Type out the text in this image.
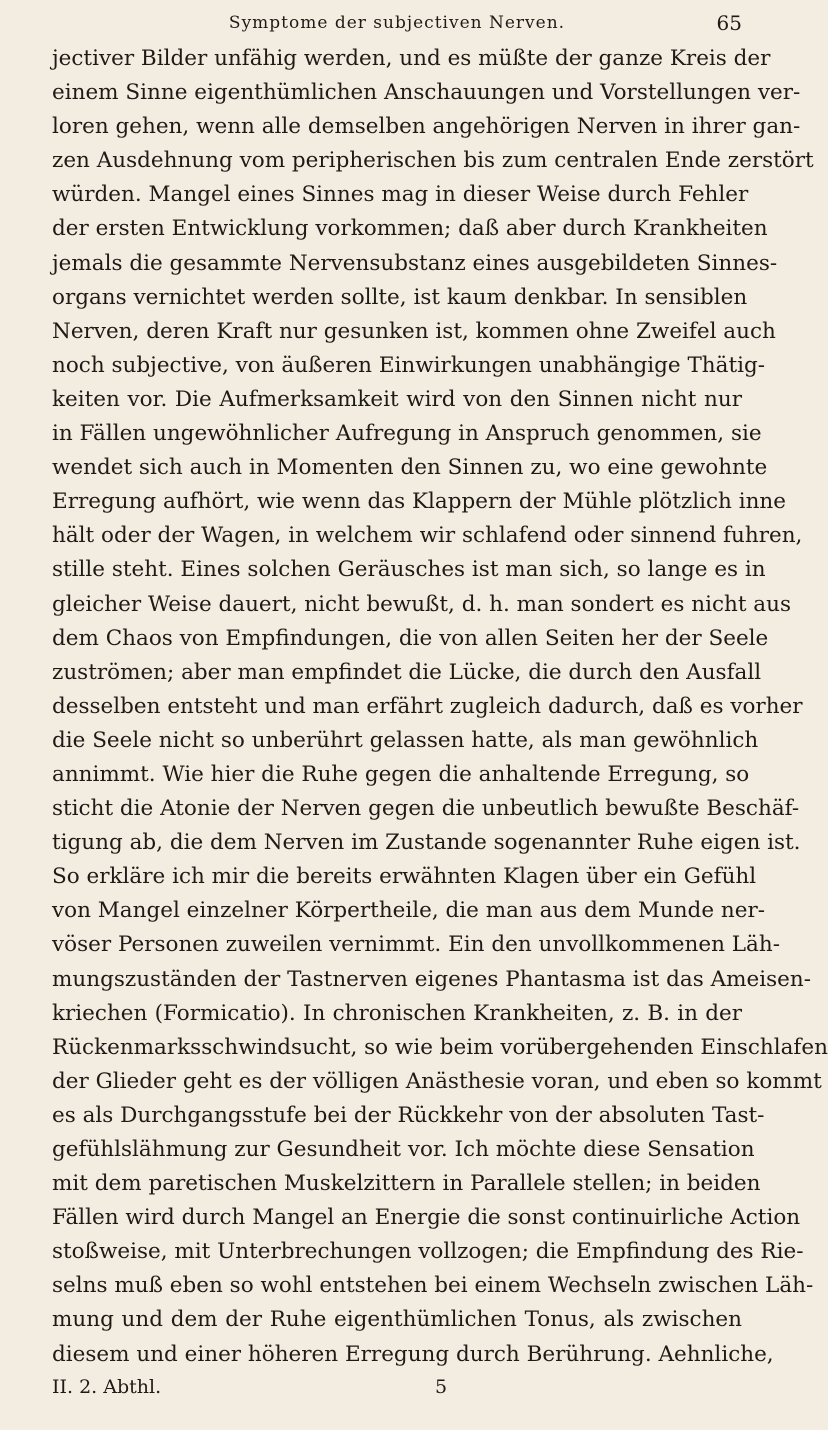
Symptome der subjectiven Nerven.	65
jectiver Bilder unfähig werden, und es müßte der ganze Kreis der
einem Sinne eigenthümlichen Anschauungen und Vorstellungen ver-
loren gehen, wenn alle demselben angehörigen Nerven in ihrer gan-
zen Ausdehnung vom peripherischen bis zum centralen Ende zerstört
würden. Mangel eines Sinnes mag in dieser Weise durch Fehler
der ersten Entwicklung vorkommen; daß aber durch Krankheiten
jemals die gesammte Nervensubstanz eines ausgebildeten Sinnes-
organs vernichtet werden sollte, ist kaum denkbar. In sensiblen
Nerven, deren Kraft nur gesunken ist, kommen ohne Zweifel auch
noch subjective, von äußeren Einwirkungen unabhängige Thätig-
keiten vor. Die Aufmerksamkeit wird von den Sinnen nicht nur
in Fällen ungewöhnlicher Aufregung in Anspruch genommen, sie
wendet sich auch in Momenten den Sinnen zu, wo eine gewohnte
Erregung aufhört, wie wenn das Klappern der Mühle plötzlich inne
hält oder der Wagen, in welchem wir schlafend oder sinnend fuhren,
stille steht. Eines solchen Geräusches ist man sich, so lange es in
gleicher Weise dauert, nicht bewußt, d. h. man sondert es nicht aus
dem Chaos von Empfindungen, die von allen Seiten her der Seele
zuströmen; aber man empfindet die Lücke, die durch den Ausfall
desselben entsteht und man erfährt zugleich dadurch, daß es vorher
die Seele nicht so unberührt gelassen hatte, als man gewöhnlich
annimmt. Wie hier die Ruhe gegen die anhaltende Erregung, so
sticht die Atonie der Nerven gegen die unbeutlich bewußte Beschäf-
tigung ab, die dem Nerven im Zustande sogenannter Ruhe eigen ist.
So erkläre ich mir die bereits erwähnten Klagen über ein Gefühl
von Mangel einzelner Körpertheile, die man aus dem Munde ner-
vöser Personen zuweilen vernimmt. Ein den unvollkommenen Läh-
mungszuständen der Tastnerven eigenes Phantasma ist das Ameisen-
kriechen (Formicatio). In chronischen Krankheiten, z. B. in der
Rückenmarksschwindsucht, so wie beim vorübergehenden Einschlafen
der Glieder geht es der völligen Anästhesie voran, und eben so kommt
es als Durchgangsstufe bei der Rückkehr von der absoluten Tast-
gefühlslähmung zur Gesundheit vor. Ich möchte diese Sensation
mit dem paretischen Muskelzittern in Parallele stellen; in beiden
Fällen wird durch Mangel an Energie die sonst continuirliche Action
stoßweise, mit Unterbrechungen vollzogen; die Empfindung des Rie-
selns muß eben so wohl entstehen bei einem Wechseln zwischen Läh-
mung und dem der Ruhe eigenthümlichen Tonus, als zwischen
diesem und einer höheren Erregung durch Berührung. Aehnliche,
II. 2. Abthl.	5
